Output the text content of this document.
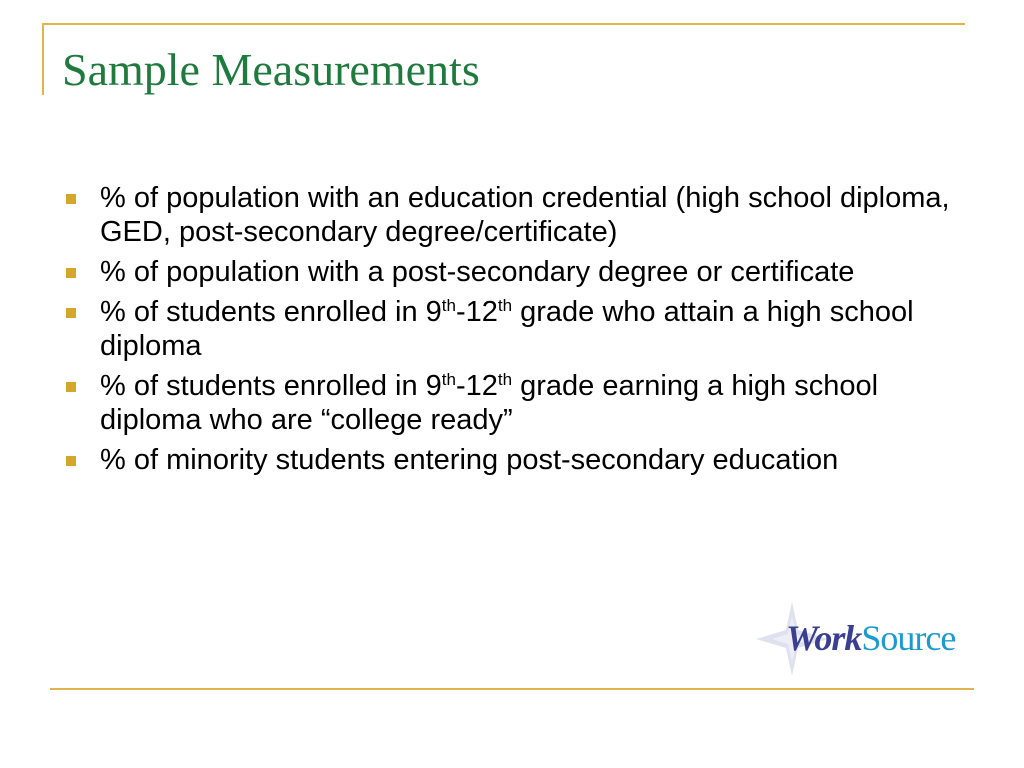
Sample Measurements
% of population with an education credential (high school diploma, GED, post-secondary degree/certificate)
% of population with a post-secondary degree or certificate
% of students enrolled in 9th-12th grade who attain a high school diploma
% of students enrolled in 9th-12th grade earning a high school diploma who are “college ready”
% of minority students entering post-secondary education
WorkSource
